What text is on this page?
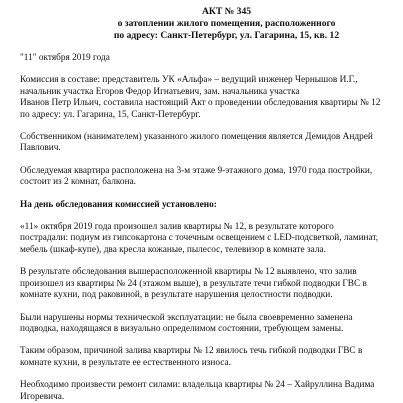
АКТ № 345
о затоплении жилого помещения, расположенного
по адресу: Санкт-Петербург, ул. Гагарина, 15, кв. 12

"11" октября 2019 года

Комиссия в составе: представитель УК «Альфа» – ведущий инженер Чернышов И.Г.,
начальник участка Егоров Федор Игнатьевич, зам. начальника участка
Иванов Петр Ильич, составила настоящий Акт о проведении обследования квартиры № 12
по адресу: ул. Гагарина, 15, Санкт-Петербург.

Собственником (нанимателем) указанного жилого помещения является Демидов Андрей
Павлович.

Обследуемая квартира расположена на 3-м этаже 9-этажного дома, 1970 года постройки,
состоит из 2 комнат, балкона.

На день обследования комиссией установлено:

«11» октября 2019 года произошел залив квартиры № 12, в результате которого
пострадали: подиум из гипсокартона с точечным освещением с LED-подсветкой, ламинат,
мебель (шкаф-купе), два кресла кожаные, пылесос, телевизор в комнате зала.

В результате обследования вышерасположенной квартиры № 12 выявлено, что залив
произошел из квартиры № 24 (этажом выше), в результате течи гибкой подводки ГВС в
комнате кухни, под раковиной, в результате нарушения целостности подводки.

Были нарушены нормы технической эксплуатации: не была своевременно заменена
подводка, находящаяся в визуально определимом состоянии, требующем замены.

Таким образом, причиной залива квартиры № 12 явилось течь гибкой подводки ГВС в
комнате кухни, в результате ее естественного износа.

Необходимо произвести ремонт силами: владельца квартиры № 24 – Хайруллина Вадима
Игоревича.
